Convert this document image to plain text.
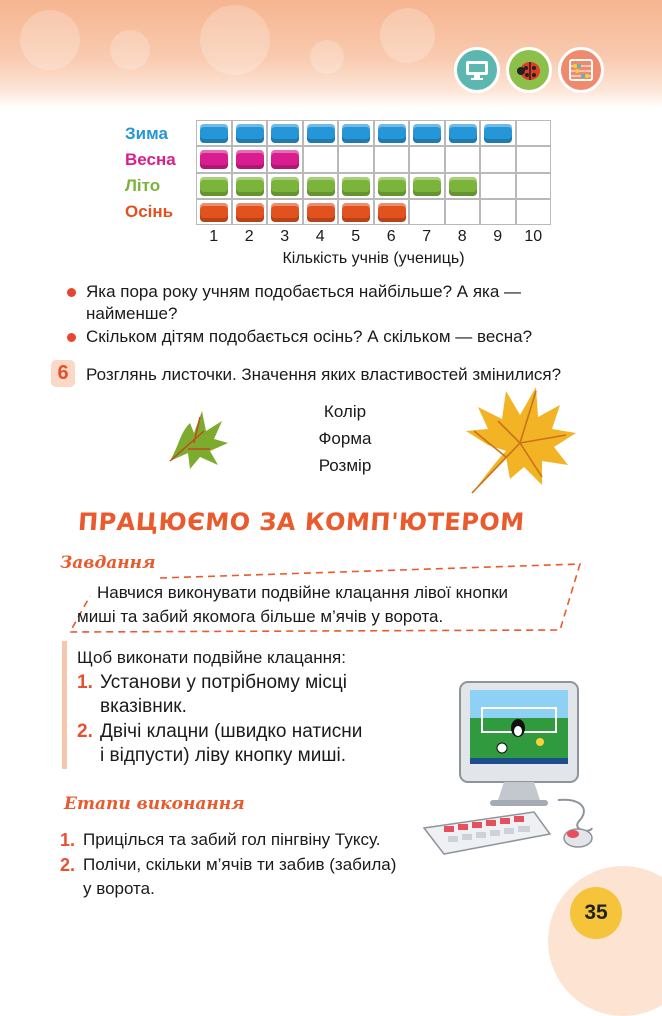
Зима
Весна
Літо
Осінь
1	2	3	4	5	6	7	8	9	10
Кількість учнів (учениць)
Яка пора року учням подобається найбільше? А яка —
найменше?
Скільком дітям подобається осінь? А скільком — весна?
6	Розглянь листочки. Значення яких властивостей змінилися?
Колір
Форма
Розмір
ПРАЦЮЄМО ЗА КОМП'ЮТЕРОМ
Завдання
Навчися виконувати подвійне клацання лівої кнопки
миші та забий якомога більше м’ячів у ворота.
Щоб виконати подвійне клацання:
1. Установи у потрібному місці
вказівник.
2. Двічі клацни (швидко натисни
і відпусти) ліву кнопку миші.
Етапи виконання
1. Прицілься та забий гол пінгвіну Туксу.
2. Полічи, скільки м’ячів ти забив (забила)
у ворота.
35
